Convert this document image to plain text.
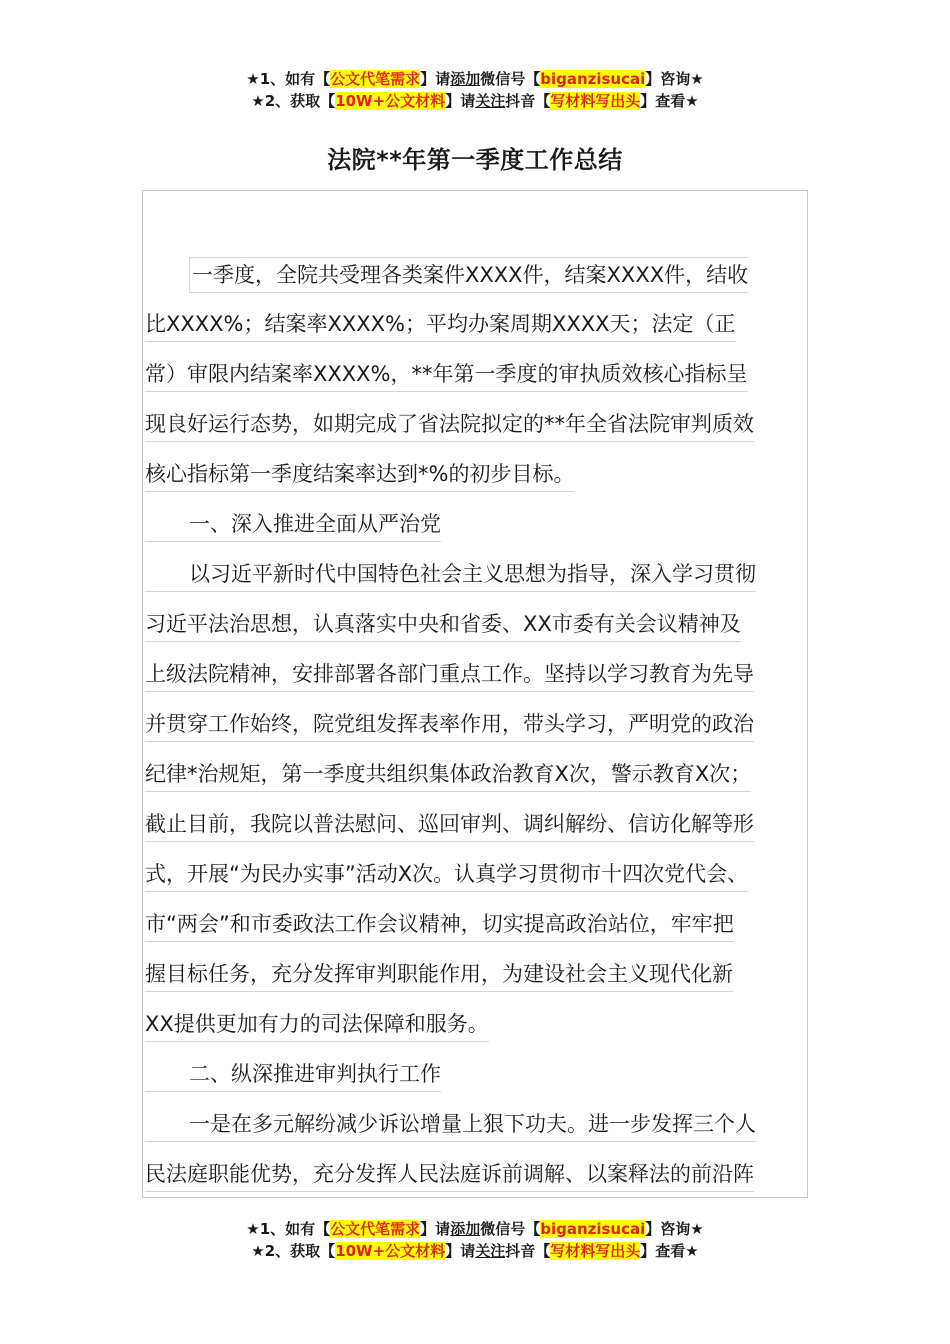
★1、如有【公文代笔需求】请添加微信号【biganzisucai】咨询★
★2、获取【10W+公文材料】请关注抖音【写材料写出头】查看★
法院**年第一季度工作总结
一季度，全院共受理各类案件XXXX件，结案XXXX件，结收
比XXXX%；结案率XXXX%；平均办案周期XXXX天；法定（正
常）审限内结案率XXXX%，**年第一季度的审执质效核心指标呈
现良好运行态势，如期完成了省法院拟定的**年全省法院审判质效
核心指标第一季度结案率达到*%的初步目标。
一、深入推进全面从严治党
以习近平新时代中国特色社会主义思想为指导，深入学习贯彻
习近平法治思想，认真落实中央和省委、XX市委有关会议精神及
上级法院精神，安排部署各部门重点工作。坚持以学习教育为先导
并贯穿工作始终，院党组发挥表率作用，带头学习，严明党的政治
纪律*治规矩，第一季度共组织集体政治教育X次，警示教育X次；
截止目前，我院以普法慰问、巡回审判、调纠解纷、信访化解等形
式，开展“为民办实事”活动X次。认真学习贯彻市十四次党代会、
市“两会”和市委政法工作会议精神，切实提高政治站位，牢牢把
握目标任务，充分发挥审判职能作用，为建设社会主义现代化新
XX提供更加有力的司法保障和服务。
二、纵深推进审判执行工作
一是在多元解纷减少诉讼增量上狠下功夫。进一步发挥三个人
民法庭职能优势，充分发挥人民法庭诉前调解、以案释法的前沿阵
★1、如有【公文代笔需求】请添加微信号【biganzisucai】咨询★
★2、获取【10W+公文材料】请关注抖音【写材料写出头】查看★
